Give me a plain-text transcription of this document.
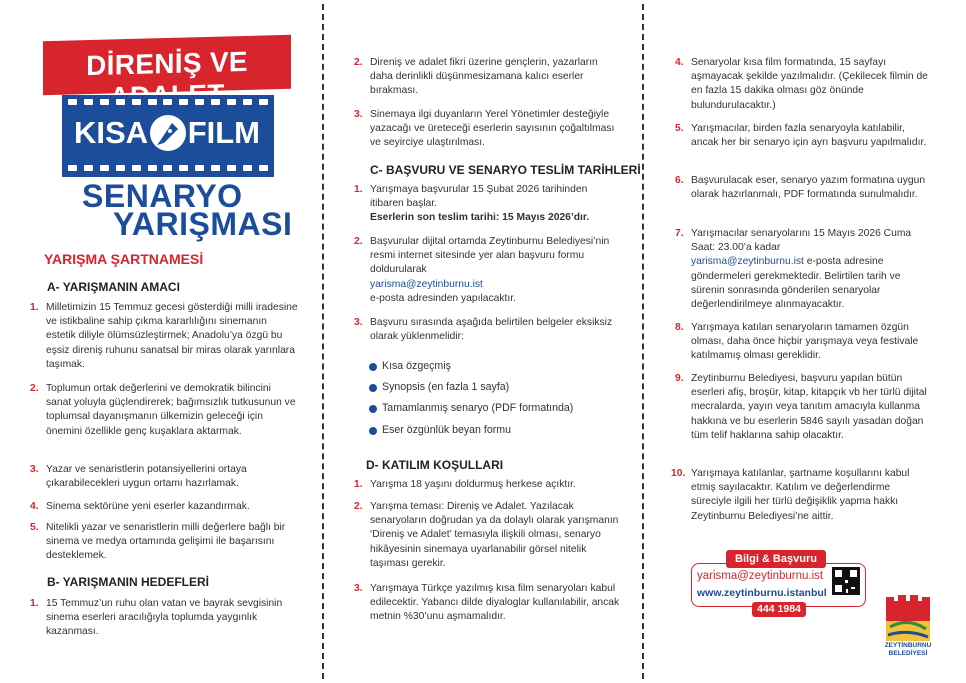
DİRENİŞ VE
KISA FILM
SENARYO
YARIŞMASI
YARIŞMA ŞARTNAMESİ
A- YARIŞMANIN AMACI
1. Milletimizin 15 Temmuz gecesi gösterdiği milli iradesine ve istikbaline sahip çıkma kararlılığını sinemanın estetik diliyle ölümsüzleştirmek; Anadolu’ya özgü bu eşsiz direniş ruhunu sanatsal bir miras olarak yarınlara taşımak.
2. Toplumun ortak değerlerini ve demokratik bilincini sanat yoluyla güçlendirerek; bağımsızlık tutkusunun ve toplumsal dayanışmanın ülkemizin geleceği için önemini özellikle genç kuşaklara aktarmak.
3. Yazar ve senaristlerin potansiyellerini ortaya çıkarabilecekleri uygun ortamı hazırlamak.
4. Sinema sektörüne yeni eserler kazandırmak.
5. Nitelikli yazar ve senaristlerin milli değerlere bağlı bir sinema ve medya ortamında gelişimi ile başarısını desteklemek.
B- YARIŞMANIN HEDEFLERİ
1. 15 Temmuz’un ruhu olan vatan ve bayrak sevgisinin sinema eserleri aracılığıyla toplumda yaygınlık kazanması.
2. Direniş ve adalet fikri üzerine gençlerin, yazarların daha derinlikli düşünmesizamana kalıcı eserler bırakması.
3. Sinemaya ilgi duyanların Yerel Yönetimler desteğiyle yazacağı ve üreteceği eserlerin sayısının çoğaltılması ve seyirciye ulaştırılması.
C- BAŞVURU VE SENARYO TESLİM TARİHLERİ
1. Yarışmaya başvurular 15 Şubat 2026 tarihinden itibaren başlar.
Eserlerin son teslim tarihi: 15 Mayıs 2026’dır.
2. Başvurular dijital ortamda Zeytinburnu Belediyesi’nin resmi internet sitesinde yer alan başvuru formu doldurularak
yarisma@zeytinburnu.ist
e-posta adresinden yapılacaktır.
3. Başvuru sırasında aşağıda belirtilen belgeler eksiksiz olarak yüklenmelidir:
Kısa özgeçmiş
Synopsis (en fazla 1 sayfa)
Tamamlanmış senaryo (PDF formatında)
Eser özgünlük beyan formu
D- KATILIM KOŞULLARI
1. Yarışma 18 yaşını doldurmuş herkese açıktır.
2. Yarışma teması: Direniş ve Adalet. Yazılacak senaryoların doğrudan ya da dolaylı olarak yarışmanın ‘Direniş ve Adalet’ temasıyla ilişkili olması, senaryo hikâyesinin sinemaya uyarlanabilir görsel nitelik taşıması gerekir.
3. Yarışmaya Türkçe yazılmış kısa film senaryoları kabul edilecektir. Yabancı dilde diyaloglar kullanılabilir, ancak metnin %30’unu aşmamalıdır.
4. Senaryolar kısa film formatında, 15 sayfayı aşmayacak şekilde yazılmalıdır. (Çekilecek filmin de en fazla 15 dakika olması göz önünde bulundurulacaktır.)
5. Yarışmacılar, birden fazla senaryoyla katılabilir, ancak her bir senaryo için ayrı başvuru yapılmalıdır.
6. Başvurulacak eser, senaryo yazım formatına uygun olarak hazırlanmalı, PDF formatında sunulmalıdır.
7. Yarışmacılar senaryolarını 15 Mayıs 2026 Cuma Saat: 23.00’a kadar
yarisma@zeytinburnu.ist e-posta adresine göndermeleri gerekmektedir. Belirtilen tarih ve sürenin sonrasında gönderilen senaryolar değerlendirilmeye alınmayacaktır.
8. Yarışmaya katılan senaryoların tamamen özgün olması, daha önce hiçbir yarışmaya veya festivale katılmamış olması gereklidir.
9. Zeytinburnu Belediyesi, başvuru yapılan bütün eserleri afiş, broşür, kitap, kitapçık vb her türlü dijital mecralarda, yayın veya tanıtım amacıyla kullanma hakkına ve bu eserlerin 5846 sayılı yasadan doğan tüm telif haklarına sahip olacaktır.
10. Yarışmaya katılanlar, şartname koşullarını kabul etmiş sayılacaktır. Katılım ve değerlendirme süreciyle ilgili her türlü değişiklik yapma hakkı Zeytinburnu Belediyesi’ne aittir.
Bilgi & Başvuru
yarisma@zeytinburnu.ist
www.zeytinburnu.istanbul
444 1984
ZEYTİNBURNU
BELEDİYESİ
